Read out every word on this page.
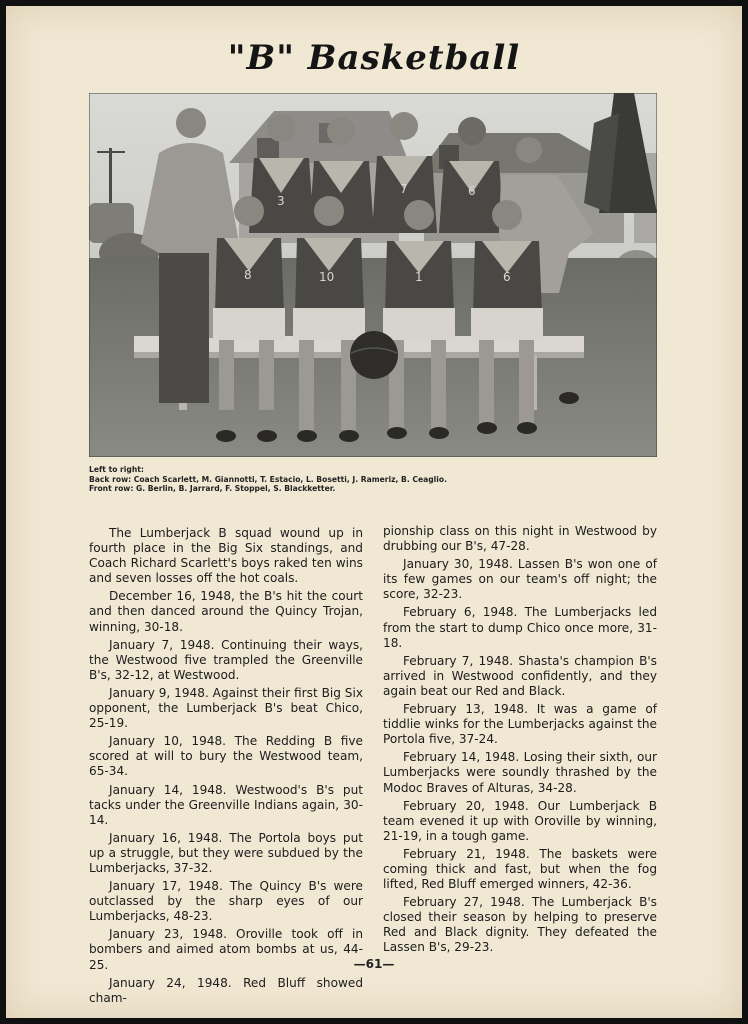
"B" Basketball
3
7	6
8	10	1	6
Left to right:
Back row: Coach Scarlett, M. Giannotti, T. Estacio, L. Bosetti, J. Rameriz, B. Ceaglio.
Front row: G. Berlin, B. Jarrard, F. Stoppel, S. Blackketter.

The Lumberjack B squad wound up in fourth place in the Big Six standings, and Coach Richard Scarlett's boys raked ten wins and seven losses off the hot coals.

December 16, 1948, the B's hit the court and then danced around the Quincy Trojan, winning, 30-18.

January 7, 1948. Continuing their ways, the Westwood five trampled the Greenville B's, 32-12, at Westwood.

January 9, 1948. Against their first Big Six opponent, the Lumberjack B's beat Chico, 25-19.

January 10, 1948. The Redding B five scored at will to bury the Westwood team, 65-34.

January 14, 1948. Westwood's B's put tacks under the Greenville Indians again, 30-14.

January 16, 1948. The Portola boys put up a struggle, but they were subdued by the Lumberjacks, 37-32.

January 17, 1948. The Quincy B's were outclassed by the sharp eyes of our Lumberjacks, 48-23.

January 23, 1948. Oroville took off in bombers and aimed atom bombs at us, 44-25.

January 24, 1948. Red Bluff showed cham-

pionship class on this night in Westwood by drubbing our B's, 47-28.

January 30, 1948. Lassen B's won one of its few games on our team's off night; the score, 32-23.

February 6, 1948. The Lumberjacks led from the start to dump Chico once more, 31-18.

February 7, 1948. Shasta's champion B's arrived in Westwood confidently, and they again beat our Red and Black.

February 13, 1948. It was a game of tiddlie winks for the Lumberjacks against the Portola five, 37-24.

February 14, 1948. Losing their sixth, our Lumberjacks were soundly thrashed by the Modoc Braves of Alturas, 34-28.

February 20, 1948. Our Lumberjack B team evened it up with Oroville by winning, 21-19, in a tough game.

February 21, 1948. The baskets were coming thick and fast, but when the fog lifted, Red Bluff emerged winners, 42-36.

February 27, 1948. The Lumberjack B's closed their season by helping to preserve Red and Black dignity. They defeated the Lassen B's, 29-23.

—61—
